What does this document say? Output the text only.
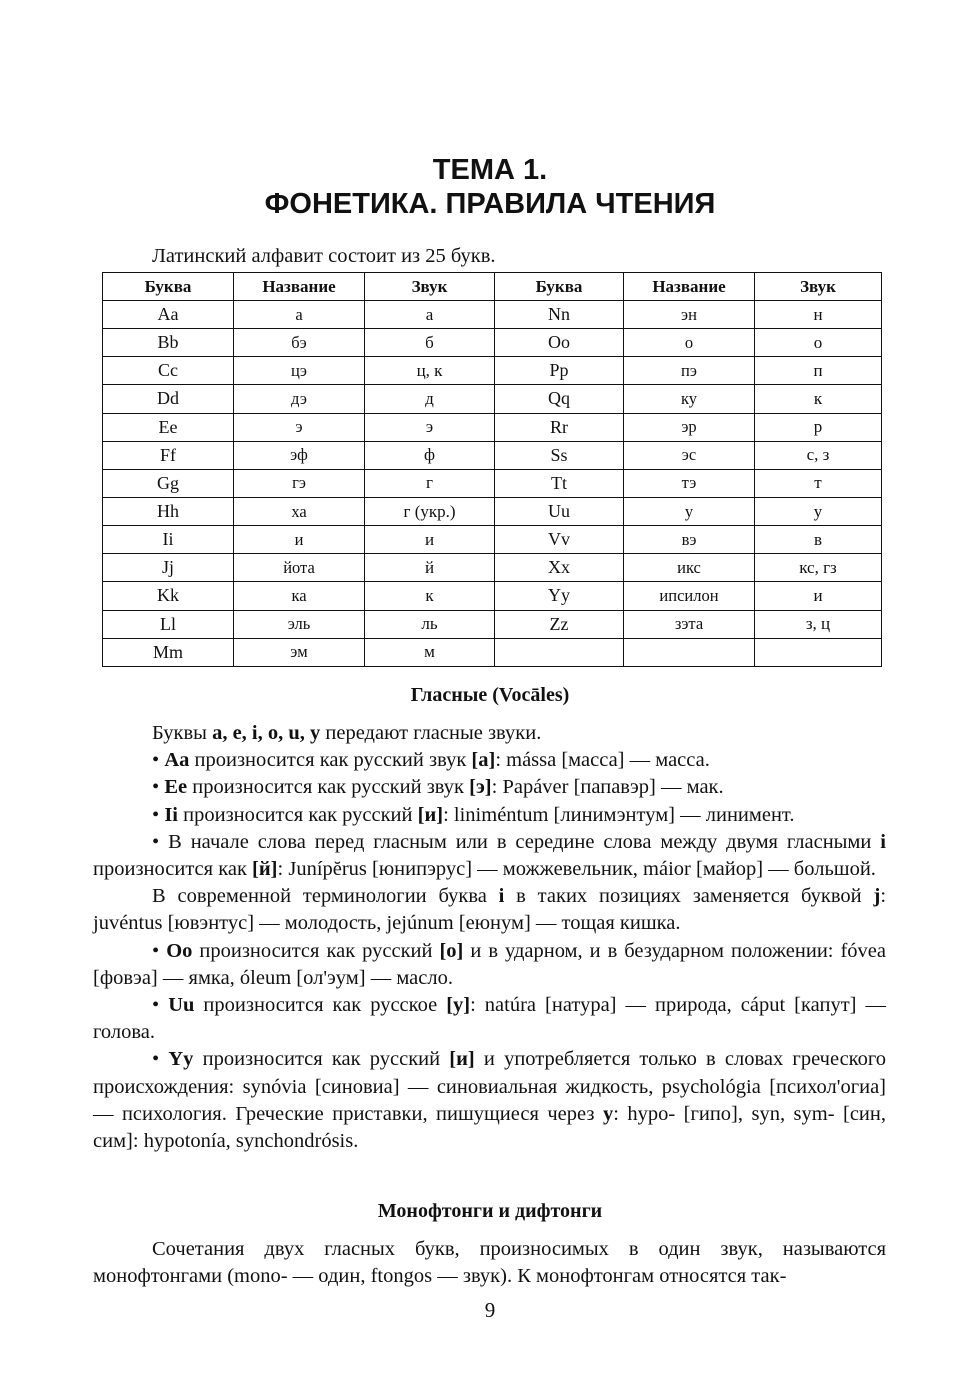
ТЕМА 1.
ФОНЕТИКА. ПРАВИЛА ЧТЕНИЯ
Латинский алфавит состоит из 25 букв.
Буква	Название	Звук	Буква	Название	Звук
Aa	а	а	Nn	эн	н
Bb	бэ	б	Oo	о	о
Cc	цэ	ц, к	Pp	пэ	п
Dd	дэ	д	Qq	ку	к
Ee	э	э	Rr	эр	р
Ff	эф	ф	Ss	эс	с, з
Gg	гэ	г	Tt	тэ	т
Hh	ха	г (укр.)	Uu	у	у
Ii	и	и	Vv	вэ	в
Jj	йота	й	Xx	икс	кс, гз
Kk	ка	к	Yy	ипсилон	и
Ll	эль	ль	Zz	зэта	з, ц
Mm	эм	м			
Гласные (Vocāles)

Буквы a, e, i, o, u, y передают гласные звуки.

• Aa произносится как русский звук [а]: mássa [масса] — масса.

• Ee произносится как русский звук [э]: Papáver [папавэр] — мак.

• Ii произносится как русский [и]: liniméntum [линимэнтум] — линимент.

• В начале слова перед гласным или в середине слова между двумя гласными i произносится как [й]: Junípĕrus [юнипэрус] — можжевельник, máior [майор] — большой.

В современной терминологии буква i в таких позициях заменяется буквой j: juvéntus [ювэнтус] — молодость, jejúnum [еюнум] — тощая кишка.

• Oo произносится как русский [о] и в ударном, и в безударном положении: fóvea [фовэа] — ямка, óleum [ол'эум] — масло.

• Uu произносится как русское [у]: natúra [натура] — природа, cáput [капут] — голова.

• Yy произносится как русский [и] и употребляется только в словах греческого происхождения: synóvia [синовиа] — синовиальная жидкость, psychológia [психол'огиа] — психология. Греческие приставки, пишущиеся через y: hypo- [гипо], syn, sym- [син, сим]: hypotonía, synchondrósis.

Монофтонги и дифтонги

Сочетания двух гласных букв, произносимых в один звук, называются монофтонгами (mono- — один, ftongos — звук). К монофтонгам относятся так-

9
